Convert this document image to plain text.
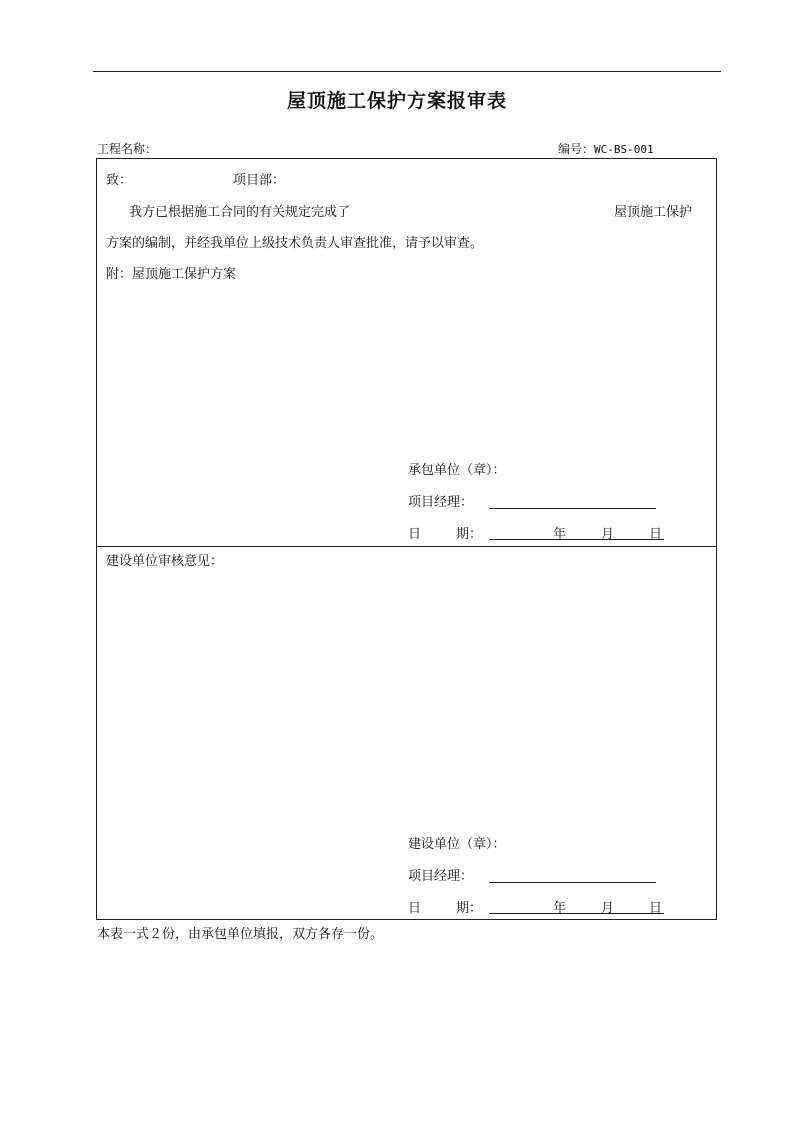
屋顶施工保护方案报审表
工程名称：	编号：WC-BS-001
致：	项目部：
我方已根据施工合同的有关规定完成了	屋顶施工保护
方案的编制，并经我单位上级技术负责人审查批准，请予以审查。
附：屋顶施工保护方案
承包单位（章）：
项目经理：
日	期：	年	月	日
建设单位审核意见：
建设单位（章）：
项目经理：
日	期：	年	月	日
本表一式２份，由承包单位填报，双方各存一份。
